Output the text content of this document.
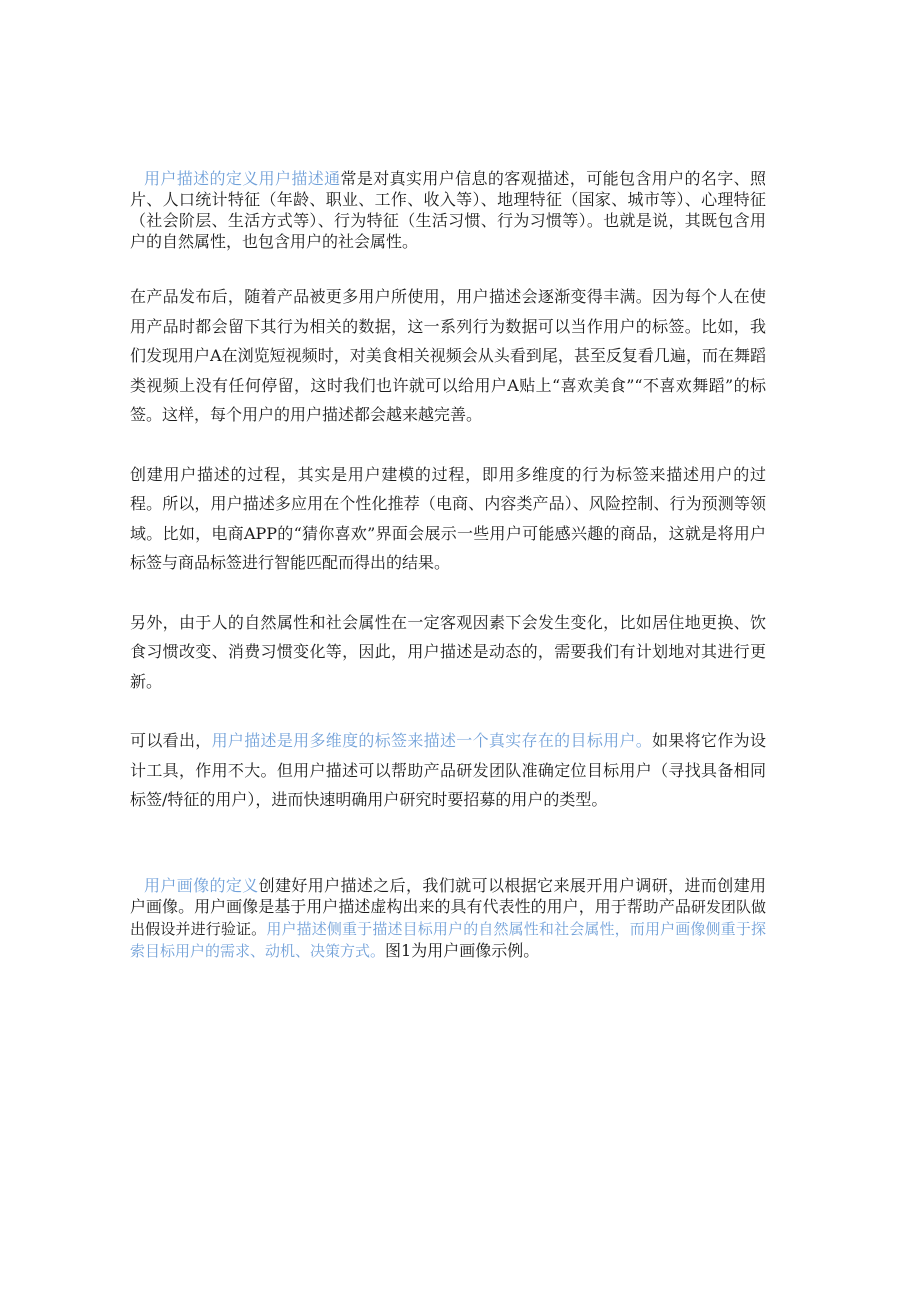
用户描述的定义用户描述通常是对真实用户信息的客观描述，可能包含用户的名字、照片、人口统计特征（年龄、职业、工作、收入等）、地理特征（国家、城市等）、心理特征（社会阶层、生活方式等）、行为特征（生活习惯、行为习惯等）。也就是说，其既包含用户的自然属性，也包含用户的社会属性。

在产品发布后，随着产品被更多用户所使用，用户描述会逐渐变得丰满。因为每个人在使用产品时都会留下其行为相关的数据，这一系列行为数据可以当作用户的标签。比如，我们发现用户A在浏览短视频时，对美食相关视频会从头看到尾，甚至反复看几遍，而在舞蹈类视频上没有任何停留，这时我们也许就可以给用户A贴上“喜欢美食”“不喜欢舞蹈”的标签。这样，每个用户的用户描述都会越来越完善。

创建用户描述的过程，其实是用户建模的过程，即用多维度的行为标签来描述用户的过程。所以，用户描述多应用在个性化推荐（电商、内容类产品）、风险控制、行为预测等领域。比如，电商APP的“猜你喜欢”界面会展示一些用户可能感兴趣的商品，这就是将用户标签与商品标签进行智能匹配而得出的结果。

另外，由于人的自然属性和社会属性在一定客观因素下会发生变化，比如居住地更换、饮食习惯改变、消费习惯变化等，因此，用户描述是动态的，需要我们有计划地对其进行更新。

可以看出，用户描述是用多维度的标签来描述一个真实存在的目标用户。如果将它作为设计工具，作用不大。但用户描述可以帮助产品研发团队准确定位目标用户（寻找具备相同标签/特征的用户），进而快速明确用户研究时要招募的用户的类型。

用户画像的定义创建好用户描述之后，我们就可以根据它来展开用户调研，进而创建用户画像。用户画像是基于用户描述虚构出来的具有代表性的用户，用于帮助产品研发团队做出假设并进行验证。用户描述侧重于描述目标用户的自然属性和社会属性，而用户画像侧重于探索目标用户的需求、动机、决策方式。图1为用户画像示例。
